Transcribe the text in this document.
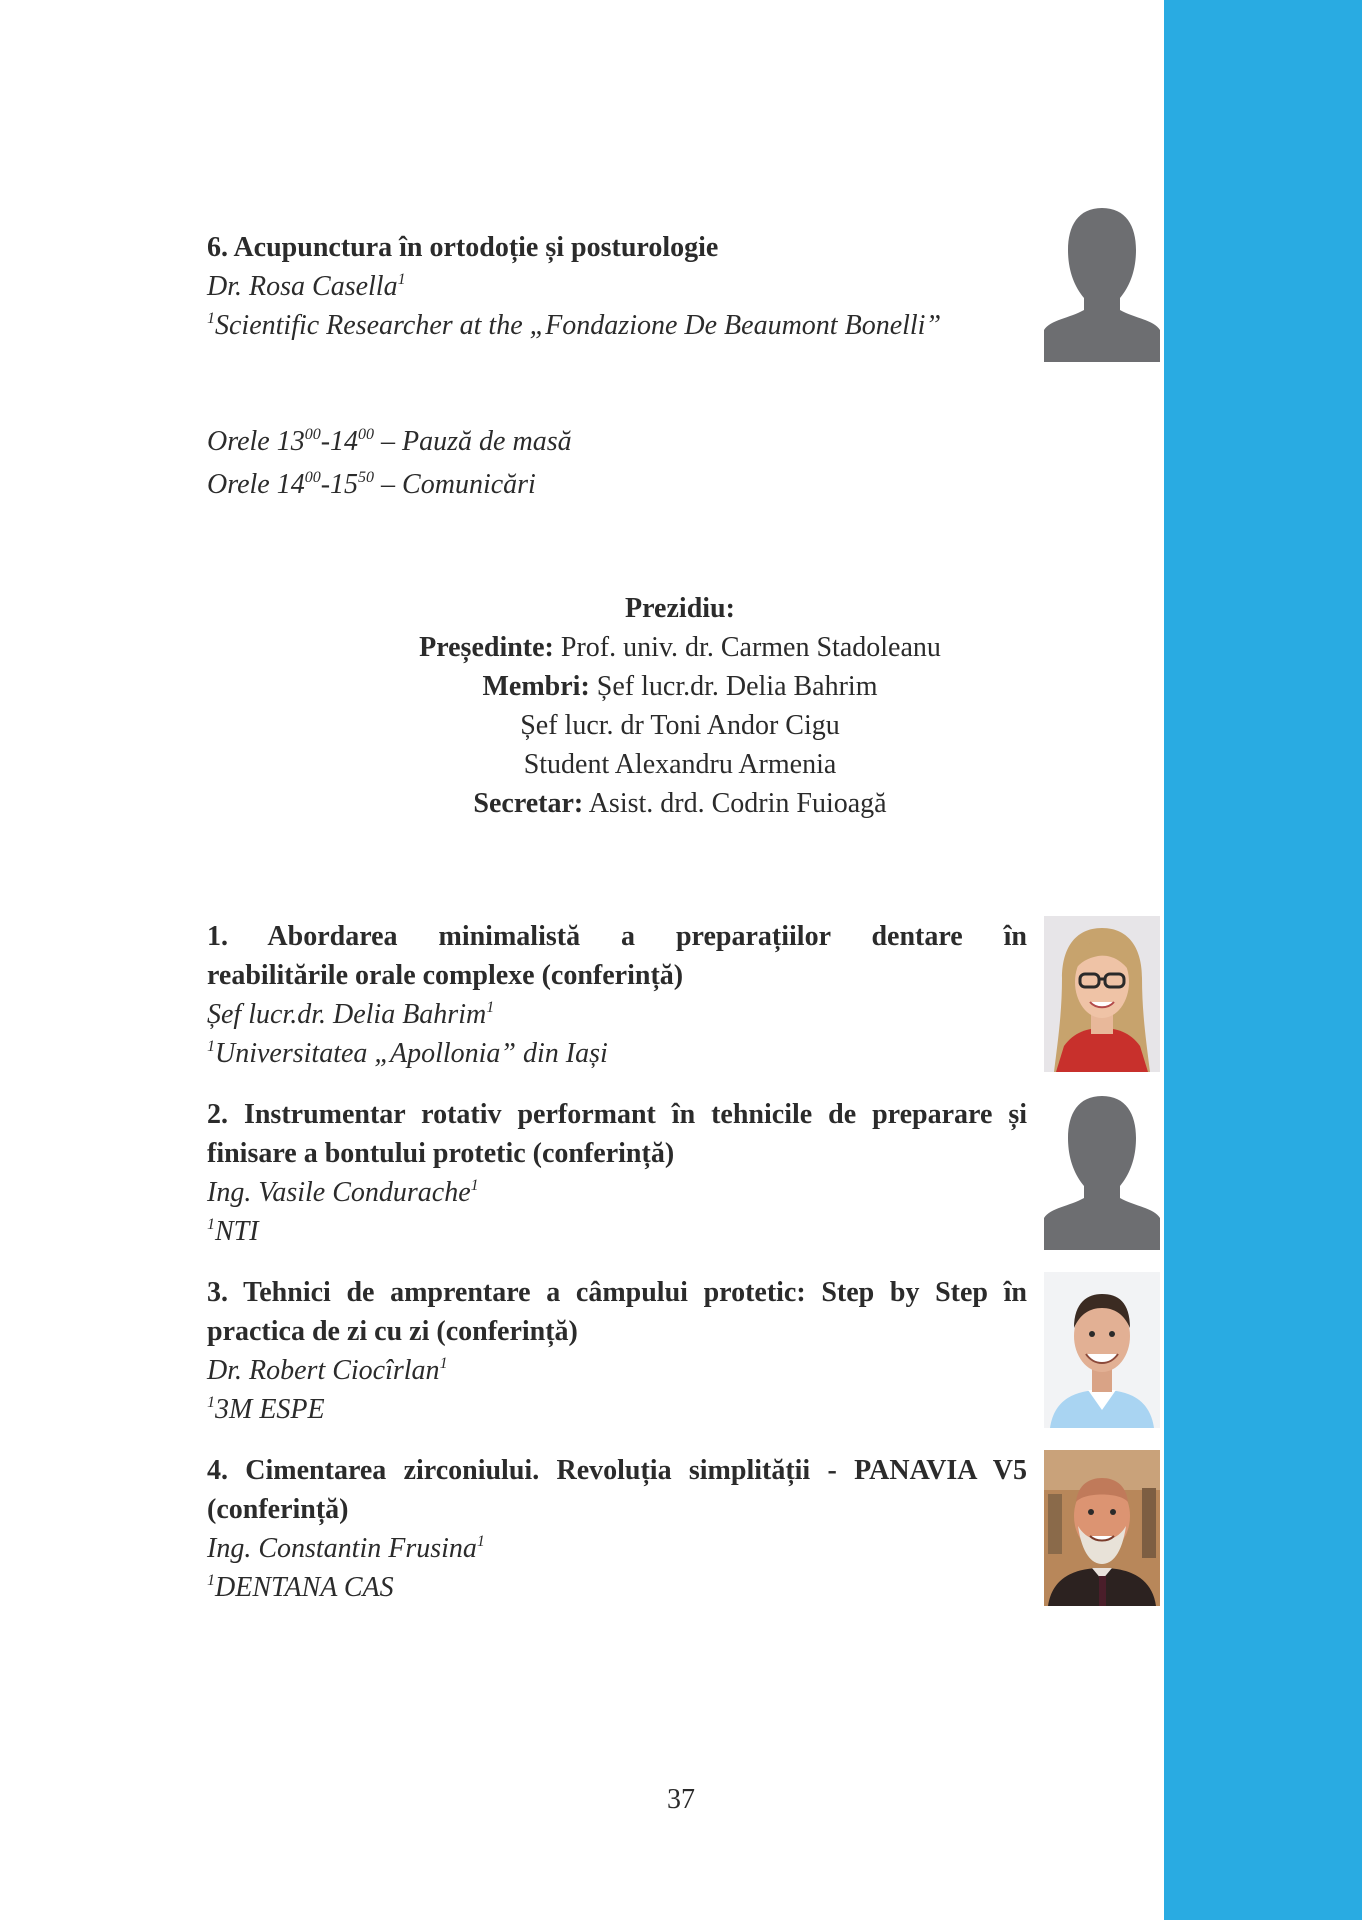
6. Acupunctura în ortodoție și posturologie
Dr. Rosa Casella$^1$
$^1$Scientific Researcher at the „Fondazione De Beaumont Bonelli”
Orele $13^{00}-14^{00}$ – Pauză de masă
Orele $14^{00}-15^{50}$ – Comunicări
Prezidiu:
Președinte: Prof. univ. dr. Carmen Stadoleanu
Membri: Șef lucr.dr. Delia Bahrim
Șef lucr. dr Toni Andor Cigu
Student Alexandru Armenia
Secretar: Asist. drd. Codrin Fuioagă
1. Abordarea minimalistă a preparațiilor dentare în
reabilitările orale complexe (conferință)
Șef lucr.dr. Delia Bahrim$^1$
$^1$Universitatea „Apollonia” din Iași
2. Instrumentar rotativ performant în tehnicile de preparare și
finisare a bontului protetic (conferință)
Ing. Vasile Condurache$^1$
$^1$NTI
3. Tehnici de amprentare a câmpului protetic: Step by Step în
practica de zi cu zi (conferință)
Dr. Robert Ciocîrlan$^1$
$^1$3M ESPE
4. Cimentarea zirconiului. Revoluția simplității - PANAVIA V5
(conferință)
Ing. Constantin Frusina$^1$
$^1$DENTANA CAS
37
